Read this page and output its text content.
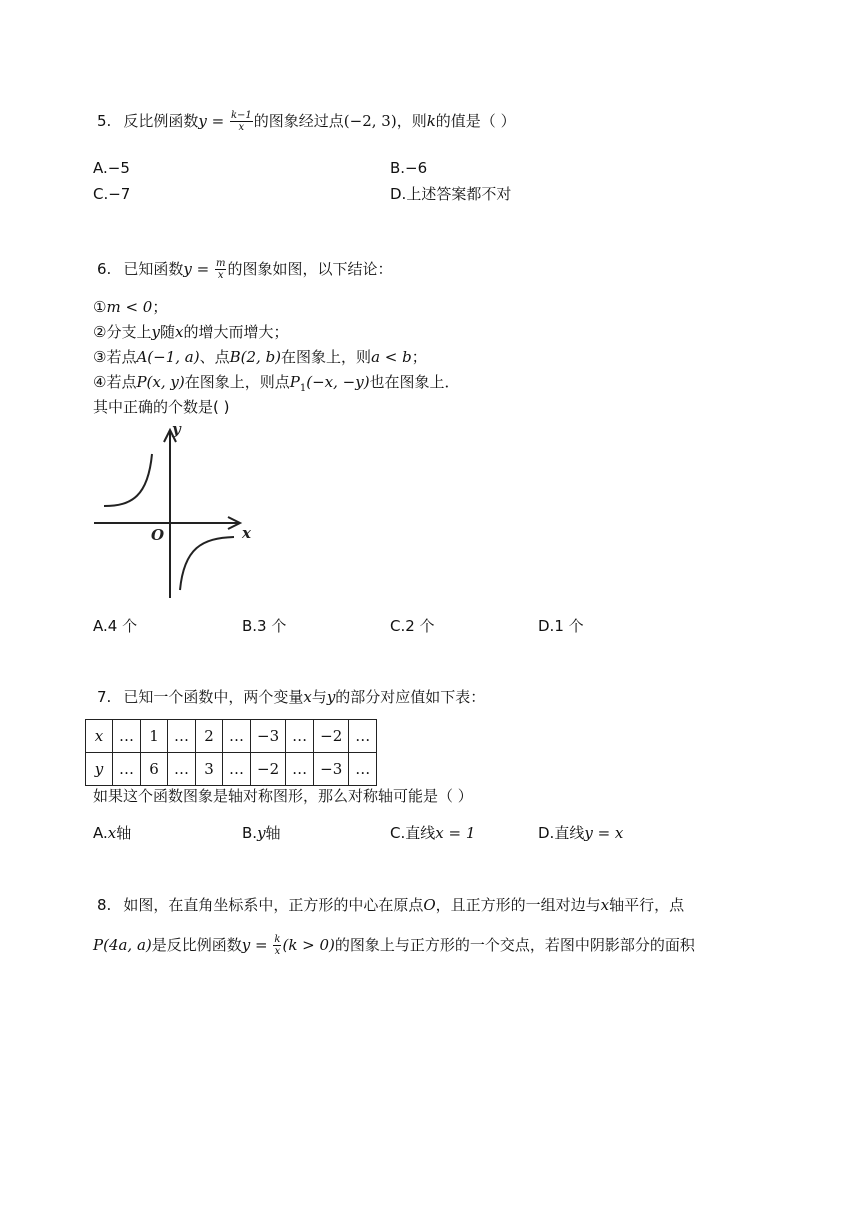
5. 反比例函数$y = \frac{k-1}{x}$ 的图象经过点(−2, 3)，则k的值是（ ）
A.−5	B.−6
C.−7	D.上述答案都不对
6. 已知函数$y = \frac{m}{x}$ 的图象如图，以下结论：
①m < 0；
②分支上y随x的增大而增大；
③若点A(−1, a)、点B(2, b)在图象上，则a < b；
④若点P(x, y)在图象上，则点$P_1(-x$, −y)也在图象上．
其中正确的个数是( )
y
x
O
A.4 个	B.3 个	C.2 个	D.1 个
7. 已知一个函数中，两个变量x与y的部分对应值如下表：
x	…	1	…	2	…	−3	…	−2	…
y	…	6	…	3	…	−2	…	−3	…
如果这个函数图象是轴对称图形，那么对称轴可能是（ ）
A.x轴	B.y轴	C.直线x = 1	D.直线y = x
8. 如图，在直角坐标系中，正方形的中心在原点O，且正方形的一组对边与x轴平行，点
P(4a, a)是反比例函数$y = \frac{k}{x} (k > 0)$的图象上与正方形的一个交点，若图中阴影部分的面积
